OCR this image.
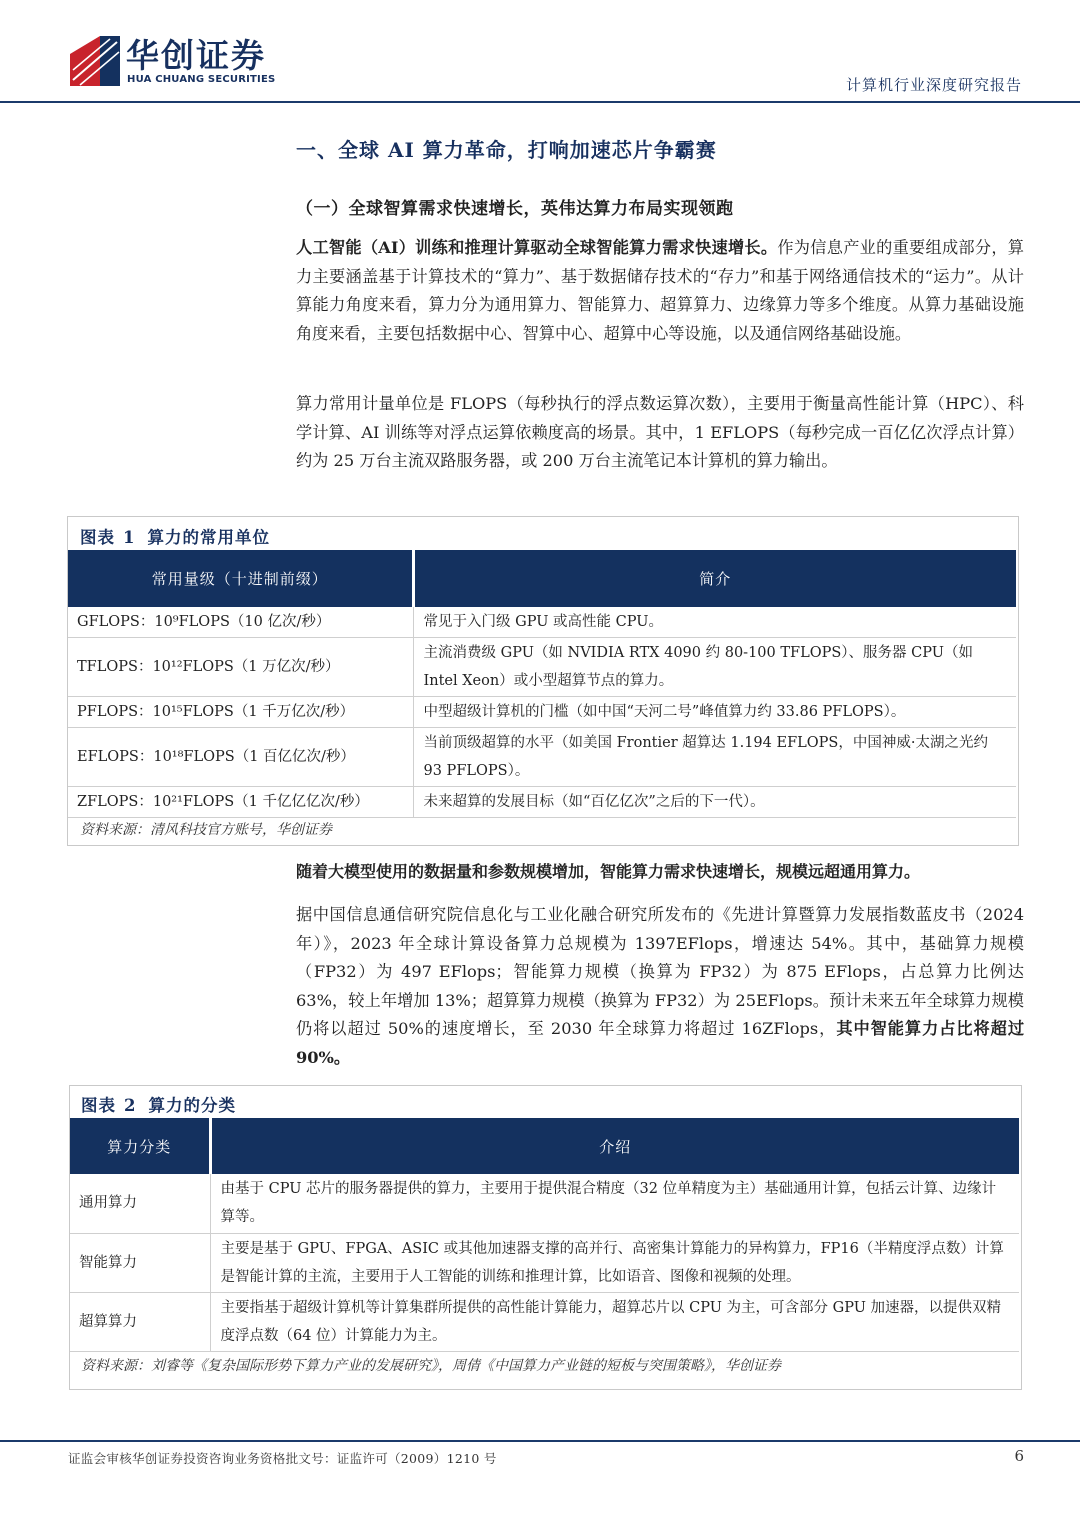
华创证券
HUA CHUANG SECURITIES	计算机行业深度研究报告
一、全球 AI 算力革命，打响加速芯片争霸赛
（一）全球智算需求快速增长，英伟达算力布局实现领跑
人工智能（AI）训练和推理计算驱动全球智能算力需求快速增长。作为信息产业的重要组成部分，算力主要涵盖基于计算技术的“算力”、基于数据储存技术的“存力”和基于网络通信技术的“运力”。从计算能力角度来看，算力分为通用算力、智能算力、超算算力、边缘算力等多个维度。从算力基础设施角度来看，主要包括数据中心、智算中心、超算中心等设施，以及通信网络基础设施。
算力常用计量单位是 FLOPS（每秒执行的浮点数运算次数），主要用于衡量高性能计算（HPC）、科学计算、AI 训练等对浮点运算依赖度高的场景。其中，1 EFLOPS（每秒完成一百亿亿次浮点计算）约为 25 万台主流双路服务器，或 200 万台主流笔记本计算机的算力输出。
图表 1 算力的常用单位
常用量级（十进制前缀）	简介
GFLOPS：10⁹FLOPS（10 亿次/秒）	常见于入门级 GPU 或高性能 CPU。
TFLOPS：10¹²FLOPS（1 万亿次/秒）	主流消费级 GPU（如 NVIDIA RTX 4090 约 80-100 TFLOPS）、服务器 CPU（如 Intel Xeon）或小型超算节点的算力。
PFLOPS：10¹⁵FLOPS（1 千万亿次/秒）	中型超级计算机的门槛（如中国“天河二号”峰值算力约 33.86 PFLOPS）。
EFLOPS：10¹⁸FLOPS（1 百亿亿次/秒）	当前顶级超算的水平（如美国 Frontier 超算达 1.194 EFLOPS，中国神威·太湖之光约 93 PFLOPS）。
ZFLOPS：10²¹FLOPS（1 千亿亿亿次/秒）	未来超算的发展目标（如“百亿亿次”之后的下一代）。
资料来源：清风科技官方账号，华创证券
随着大模型使用的数据量和参数规模增加，智能算力需求快速增长，规模远超通用算力。
据中国信息通信研究院信息化与工业化融合研究所发布的《先进计算暨算力发展指数蓝皮书（2024 年）》，2023 年全球计算设备算力总规模为 1397EFlops，增速达 54%。其中，基础算力规模（FP32）为 497 EFlops；智能算力规模（换算为 FP32）为 875 EFlops，占总算力比例达 63%，较上年增加 13%；超算算力规模（换算为 FP32）为 25EFlops。预计未来五年全球算力规模仍将以超过 50%的速度增长，至 2030 年全球算力将超过 16ZFlops，其中智能算力占比将超过 90%。
图表 2 算力的分类
算力分类	介绍
通用算力	由基于 CPU 芯片的服务器提供的算力，主要用于提供混合精度（32 位单精度为主）基础通用计算，包括云计算、边缘计算等。
智能算力	主要是基于 GPU、FPGA、ASIC 或其他加速器支撑的高并行、高密集计算能力的异构算力，FP16（半精度浮点数）计算是智能计算的主流，主要用于人工智能的训练和推理计算，比如语音、图像和视频的处理。
超算算力	主要指基于超级计算机等计算集群所提供的高性能计算能力，超算芯片以 CPU 为主，可含部分 GPU 加速器，以提供双精度浮点数（64 位）计算能力为主。
资料来源：刘睿等《复杂国际形势下算力产业的发展研究》，周倩《中国算力产业链的短板与突围策略》，华创证券
证监会审核华创证券投资咨询业务资格批文号：证监许可（2009）1210 号	6
